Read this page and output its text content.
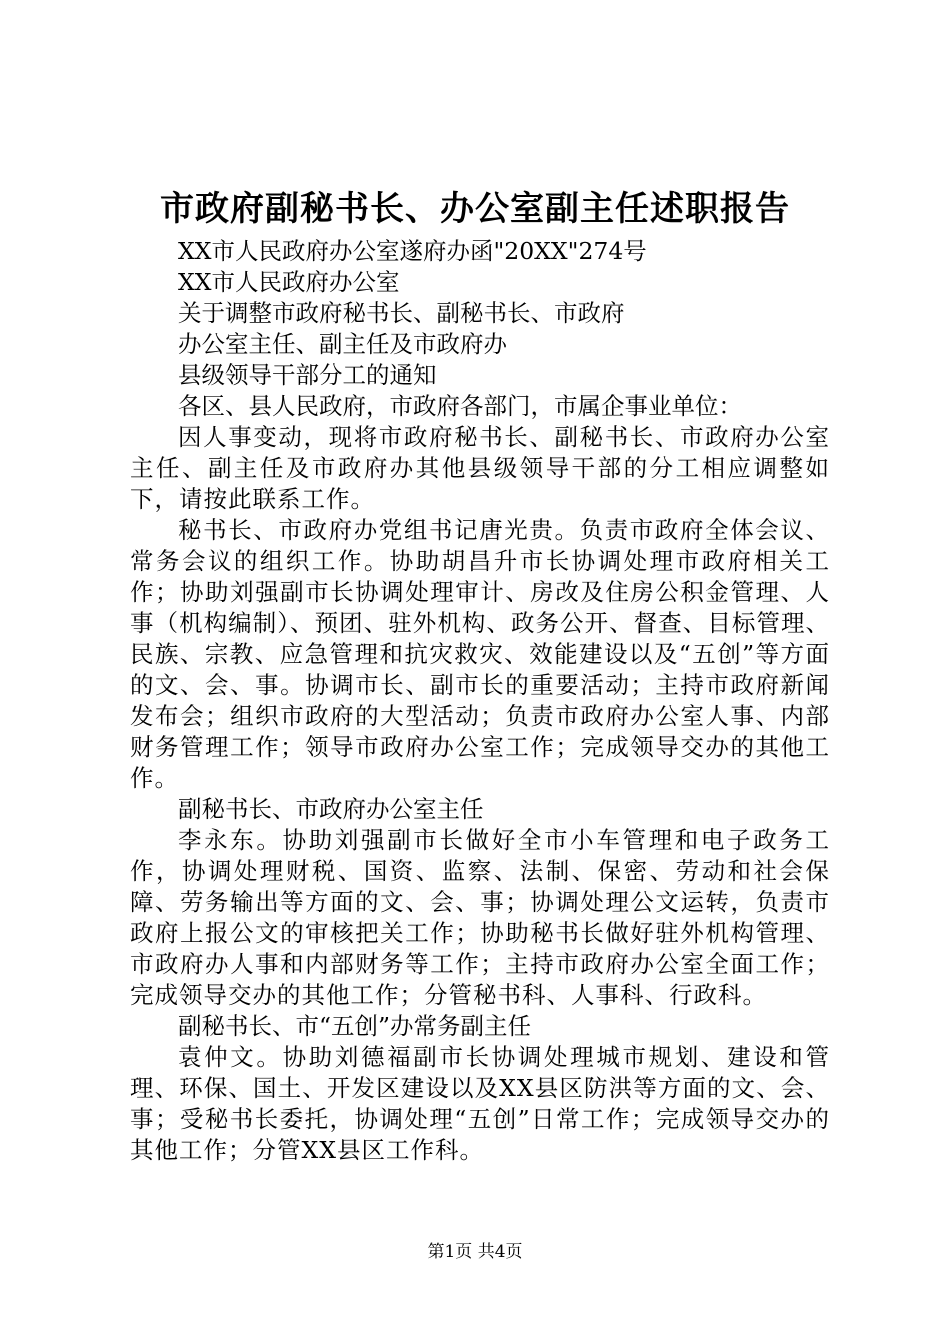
市政府副秘书长、办公室副主任述职报告
XX市人民政府办公室遂府办函"20XX"274号
XX市人民政府办公室
关于调整市政府秘书长、副秘书长、市政府
办公室主任、副主任及市政府办
县级领导干部分工的通知
各区、县人民政府，市政府各部门，市属企事业单位：
因人事变动，现将市政府秘书长、副秘书长、市政府办公室主任、副主任及市政府办其他县级领导干部的分工相应调整如下，请按此联系工作。
秘书长、市政府办党组书记唐光贵。负责市政府全体会议、常务会议的组织工作。协助胡昌升市长协调处理市政府相关工作；协助刘强副市长协调处理审计、房改及住房公积金管理、人事（机构编制）、预团、驻外机构、政务公开、督查、目标管理、民族、宗教、应急管理和抗灾救灾、效能建设以及“五创”等方面的文、会、事。协调市长、副市长的重要活动；主持市政府新闻发布会；组织市政府的大型活动；负责市政府办公室人事、内部财务管理工作；领导市政府办公室工作；完成领导交办的其他工作。
副秘书长、市政府办公室主任
李永东。协助刘强副市长做好全市小车管理和电子政务工作，协调处理财税、国资、监察、法制、保密、劳动和社会保障、劳务输出等方面的文、会、事；协调处理公文运转，负责市政府上报公文的审核把关工作；协助秘书长做好驻外机构管理、市政府办人事和内部财务等工作；主持市政府办公室全面工作；完成领导交办的其他工作；分管秘书科、人事科、行政科。
副秘书长、市“五创”办常务副主任
袁仲文。协助刘德福副市长协调处理城市规划、建设和管理、环保、国土、开发区建设以及XX县区防洪等方面的文、会、事；受秘书长委托，协调处理“五创”日常工作；完成领导交办的其他工作；分管XX县区工作科。
第1页 共4页
